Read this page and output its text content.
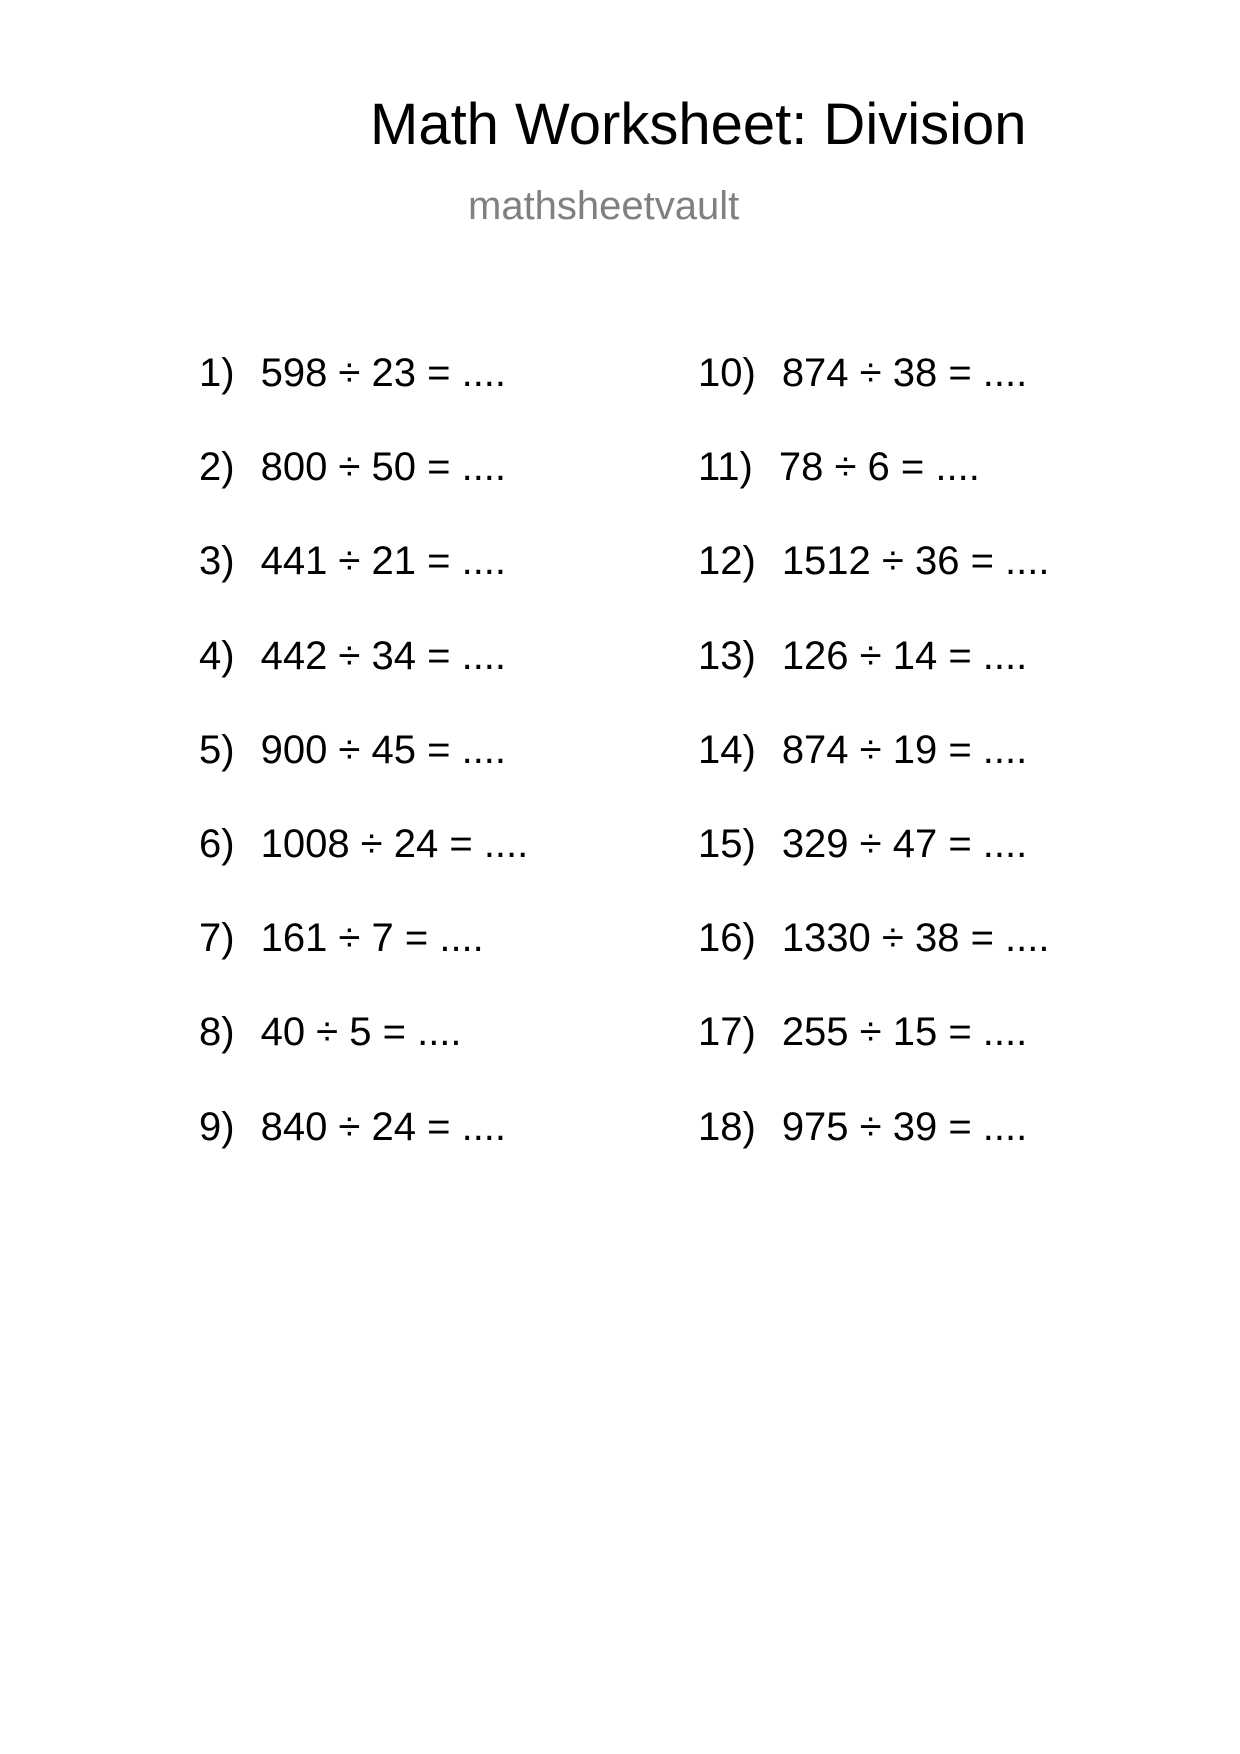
Math Worksheet: Division
mathsheetvault
1) 598 ÷ 23 = ....
2) 800 ÷ 50 = ....
3) 441 ÷ 21 = ....
4) 442 ÷ 34 = ....
5) 900 ÷ 45 = ....
6) 1008 ÷ 24 = ....
7) 161 ÷ 7 = ....
8) 40 ÷ 5 = ....
9) 840 ÷ 24 = ....
10) 874 ÷ 38 = ....
11) 78 ÷ 6 = ....
12) 1512 ÷ 36 = ....
13) 126 ÷ 14 = ....
14) 874 ÷ 19 = ....
15) 329 ÷ 47 = ....
16) 1330 ÷ 38 = ....
17) 255 ÷ 15 = ....
18) 975 ÷ 39 = ....
